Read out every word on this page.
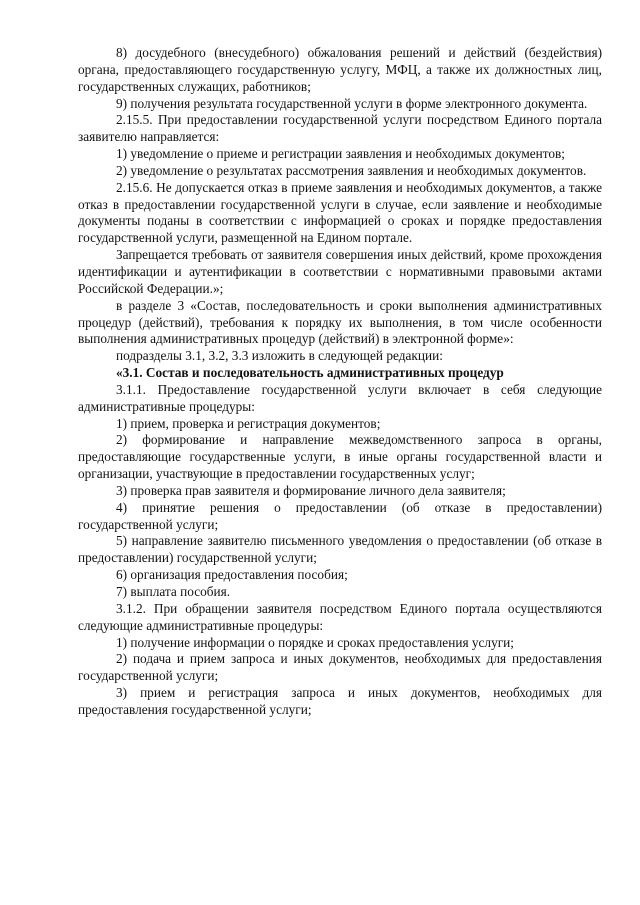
8) досудебного (внесудебного) обжалования решений и действий (бездействия) органа, предоставляющего государственную услугу, МФЦ, а также их должностных лиц, государственных служащих, работников;

9) получения результата государственной услуги в форме электронного документа.

2.15.5. При предоставлении государственной услуги посредством Единого портала заявителю направляется:

1) уведомление о приеме и регистрации заявления и необходимых документов;

2) уведомление о результатах рассмотрения заявления и необходимых документов.

2.15.6. Не допускается отказ в приеме заявления и необходимых документов, а также отказ в предоставлении государственной услуги в случае, если заявление и необходимые документы поданы в соответствии с информацией о сроках и порядке предоставления государственной услуги, размещенной на Едином портале.

Запрещается требовать от заявителя совершения иных действий, кроме прохождения идентификации и аутентификации в соответствии с нормативными правовыми актами Российской Федерации.»;

в разделе 3 «Состав, последовательность и сроки выполнения административных процедур (действий), требования к порядку их выполнения, в том числе особенности выполнения административных процедур (действий) в электронной форме»:

подразделы 3.1, 3.2, 3.3 изложить в следующей редакции:

«3.1. Состав и последовательность административных процедур

3.1.1. Предоставление государственной услуги включает в себя следующие административные процедуры:

1) прием, проверка и регистрация документов;

2) формирование и направление межведомственного запроса в органы, предоставляющие государственные услуги, в иные органы государственной власти и организации, участвующие в предоставлении государственных услуг;

3) проверка прав заявителя и формирование личного дела заявителя;

4) принятие решения о предоставлении (об отказе в предоставлении) государственной услуги;

5) направление заявителю письменного уведомления о предоставлении (об отказе в предоставлении) государственной услуги;

6) организация предоставления пособия;

7) выплата пособия.

3.1.2. При обращении заявителя посредством Единого портала осуществляются следующие административные процедуры:

1) получение информации о порядке и сроках предоставления услуги;

2) подача и прием запроса и иных документов, необходимых для предоставления государственной услуги;

3) прием и регистрация запроса и иных документов, необходимых для предоставления государственной услуги;
